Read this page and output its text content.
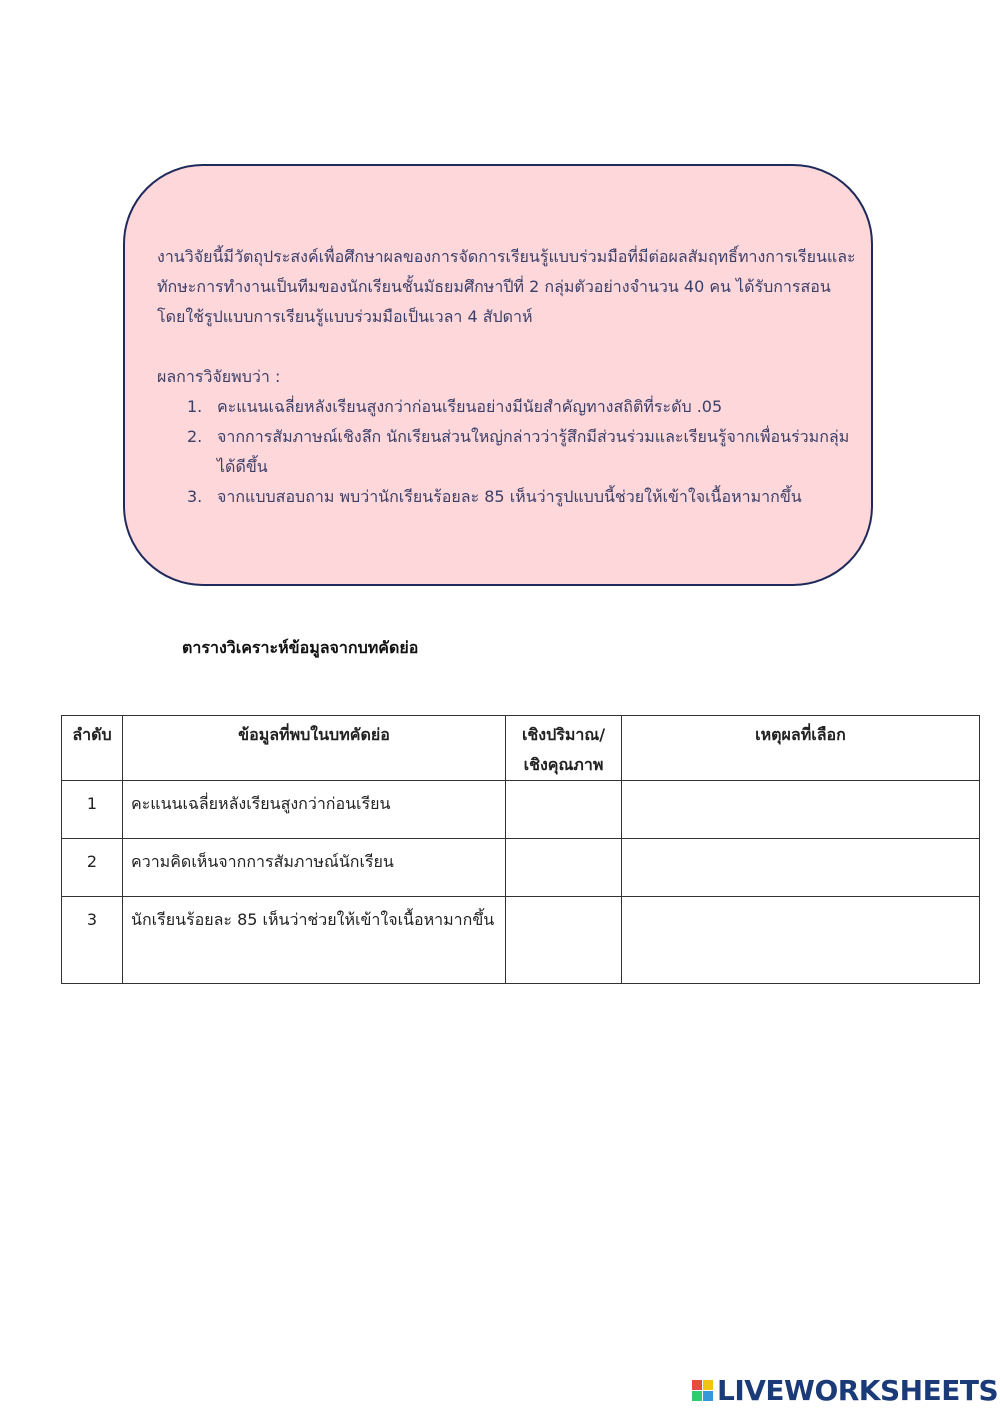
งานวิจัยนี้มีวัตถุประสงค์เพื่อศึกษาผลของการจัดการเรียนรู้แบบร่วมมือที่มีต่อผลสัมฤทธิ์ทางการเรียนและทักษะการทำงานเป็นทีมของนักเรียนชั้นมัธยมศึกษาปีที่ 2 กลุ่มตัวอย่างจำนวน 40 คน ได้รับการสอนโดยใช้รูปแบบการเรียนรู้แบบร่วมมือเป็นเวลา 4 สัปดาห์

ผลการวิจัยพบว่า :

1. คะแนนเฉลี่ยหลังเรียนสูงกว่าก่อนเรียนอย่างมีนัยสำคัญทางสถิติที่ระดับ .05
2. จากการสัมภาษณ์เชิงลึก นักเรียนส่วนใหญ่กล่าวว่ารู้สึกมีส่วนร่วมและเรียนรู้จากเพื่อนร่วมกลุ่มได้ดีขึ้น
3. จากแบบสอบถาม พบว่านักเรียนร้อยละ 85 เห็นว่ารูปแบบนี้ช่วยให้เข้าใจเนื้อหามากขึ้น
ตารางวิเคราะห์ข้อมูลจากบทคัดย่อ
ลำดับ	ข้อมูลที่พบในบทคัดย่อ	เชิงปริมาณ/ เชิงคุณภาพ	เหตุผลที่เลือก
1	คะแนนเฉลี่ยหลังเรียนสูงกว่าก่อนเรียน		
2	ความคิดเห็นจากการสัมภาษณ์นักเรียน		
3	นักเรียนร้อยละ 85 เห็นว่าช่วยให้เข้าใจเนื้อหามากขึ้น		
LIVEWORKSHEETS
